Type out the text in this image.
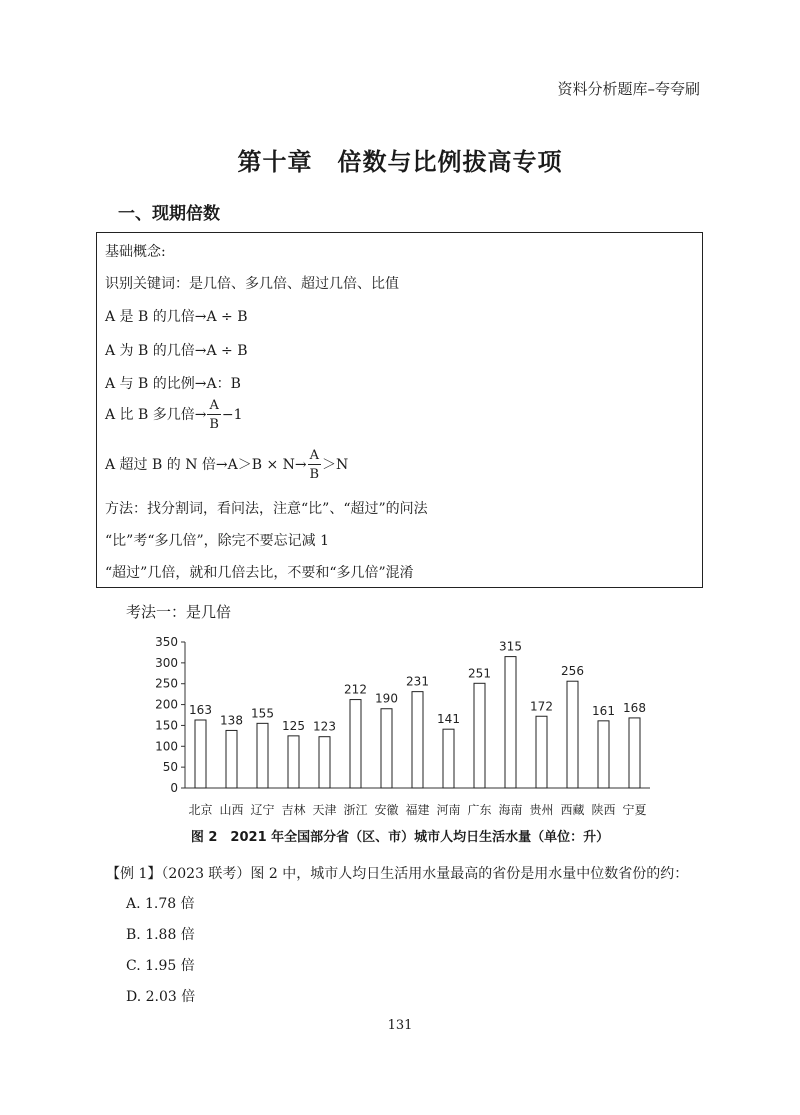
资料分析题库–夸夸刷
第十章　倍数与比例拔高专项
一、现期倍数
基础概念:
识别关键词：是几倍、多几倍、超过几倍、比值
A 是 B 的几倍→A ÷ B
A 为 B 的几倍→A ÷ B
A 与 B 的比例→A：B
A 比 B 多几倍→ $\frac{A}{B} -1$
A 超过 B 的 N 倍$\to A>B \times N\to \frac{A}{B} >N$
方法：找分割词，看问法，注意“比”、“超过”的问法
“比”考“多几倍”，除完不要忘记减 1
“超过”几倍，就和几倍去比，不要和“多几倍”混淆
考法一：是几倍
0
50
100
150
200
250
300
350
163
北京
138
山西
155
辽宁
125
吉林
123
天津
212
浙江
190
安徽
231
福建
141
河南
251
广东
315
海南
172
贵州
256
西藏
161
陕西
168
宁夏
图 2　2021 年全国部分省（区、市）城市人均日生活水量（单位：升）
【例 1】（2023 联考）图 2 中，城市人均日生活用水量最高的省份是用水量中位数省份的约：
A. 1.78 倍
B. 1.88 倍
C. 1.95 倍
D. 2.03 倍
131
